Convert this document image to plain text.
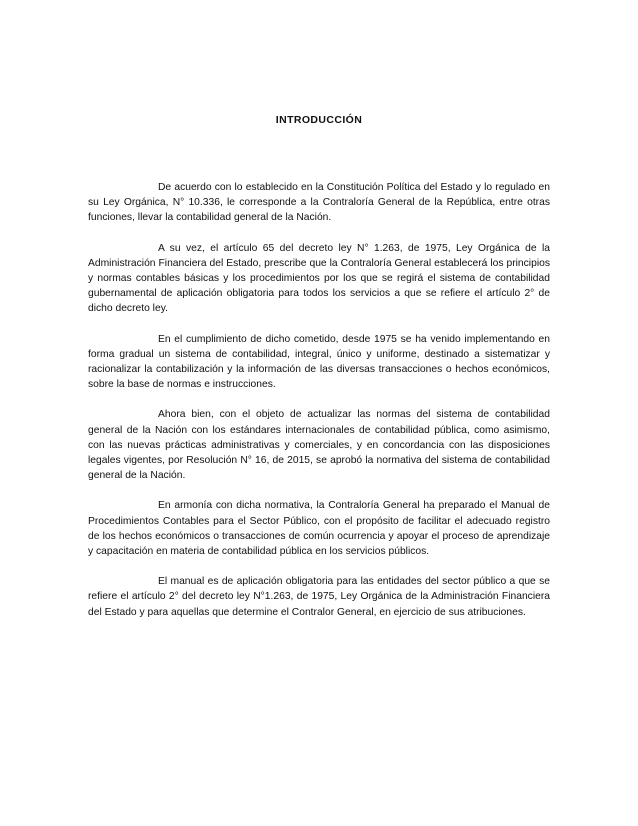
INTRODUCCIÓN

De acuerdo con lo establecido en la Constitución Política del Estado y lo regulado en su Ley Orgánica, N° 10.336, le corresponde a la Contraloría General de la República, entre otras funciones, llevar la contabilidad general de la Nación.

A su vez, el artículo 65 del decreto ley N° 1.263, de 1975, Ley Orgánica de la Administración Financiera del Estado, prescribe que la Contraloría General establecerá los principios y normas contables básicas y los procedimientos por los que se regirá el sistema de contabilidad gubernamental de aplicación obligatoria para todos los servicios a que se refiere el artículo 2° de dicho decreto ley.

En el cumplimiento de dicho cometido, desde 1975 se ha venido implementando en forma gradual un sistema de contabilidad, integral, único y uniforme, destinado a sistematizar y racionalizar la contabilización y la información de las diversas transacciones o hechos económicos, sobre la base de normas e instrucciones.

Ahora bien, con el objeto de actualizar las normas del sistema de contabilidad general de la Nación con los estándares internacionales de contabilidad pública, como asimismo, con las nuevas prácticas administrativas y comerciales, y en concordancia con las disposiciones legales vigentes, por Resolución N° 16, de 2015, se aprobó la normativa del sistema de contabilidad general de la Nación.

En armonía con dicha normativa, la Contraloría General ha preparado el Manual de Procedimientos Contables para el Sector Público, con el propósito de facilitar el adecuado registro de los hechos económicos o transacciones de común ocurrencia y apoyar el proceso de aprendizaje y capacitación en materia de contabilidad pública en los servicios públicos.

El manual es de aplicación obligatoria para las entidades del sector público a que se refiere el artículo 2° del decreto ley N°1.263, de 1975, Ley Orgánica de la Administración Financiera del Estado y para aquellas que determine el Contralor General, en ejercicio de sus atribuciones.
